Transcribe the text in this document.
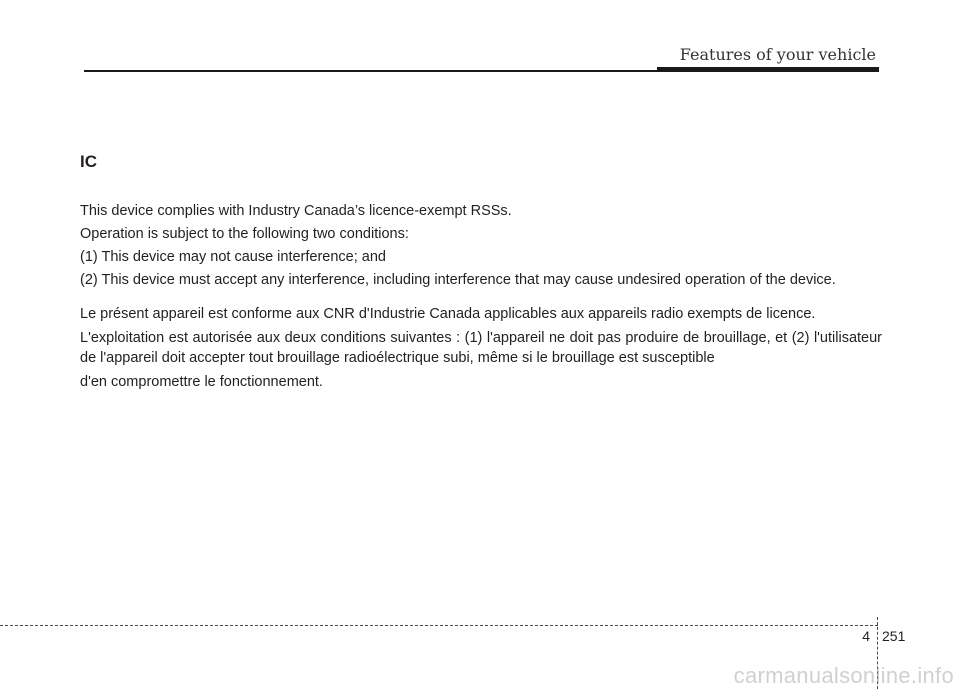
Features of your vehicle
IC

This device complies with Industry Canada’s licence-exempt RSSs.

Operation is subject to the following two conditions:

(1) This device may not cause interference; and

(2) This device must accept any interference, including interference that may cause undesired operation of the device.

Le présent appareil est conforme aux CNR d'Industrie Canada applicables aux appareils radio exempts de licence.

L'exploitation est autorisée aux deux conditions suivantes : (1) l'appareil ne doit pas produire de brouillage, et (2) l'utilisateur de l'appareil doit accepter tout brouillage radioélectrique subi, même si le brouillage est susceptible

d'en compromettre le fonctionnement.

4 251
carmanualsonline.info
